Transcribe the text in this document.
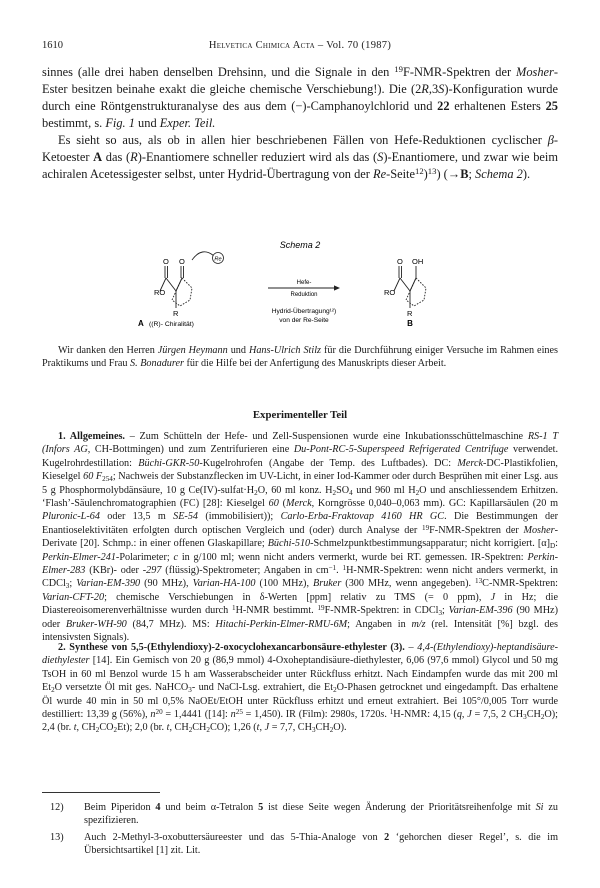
1610	Helvetica Chimica Acta – Vol. 70 (1987)

sinnes (alle drei haben denselben Drehsinn, und die Signale in den $^{19}$F-NMR-Spektren der Mosher-Ester besitzen beinahe exakt die gleiche chemische Verschiebung!). Die (2R,3S)-Konfiguration wurde durch eine Röntgenstrukturanalyse des aus dem (−)-Camphanoylchlorid und 22 erhaltenen Esters 25 bestimmt, s. Fig. 1 und Exper. Teil.

Es sieht so aus, als ob in allen hier beschriebenen Fällen von Hefe-Reduktionen cyclischer β-Ketoester A das (R)-Enantiomere schneller reduziert wird als das (S)-Enantiomere, und zwar wie beim achiralen Acetessigester selbst, unter Hydrid-Übertragung von der Re-Seite$^{12}$)$^{13}$) (→B; Schema 2).

Schema 2
RO
O O
R
Re
Hefe-
Reduktion
Hydrid-Übertragung¹²)
von der Re-Seite
RO
O OH
R
A ((R)- Chiralität)	B
Wir danken den Herren Jürgen Heymann und Hans-Ulrich Stilz für die Durchführung einiger Versuche im Rahmen eines Praktikums und Frau S. Bonadurer für die Hilfe bei der Anfertigung des Manuskripts dieser Arbeit.
Experimenteller Teil
1. Allgemeines. – Zum Schütteln der Hefe- und Zell-Suspensionen wurde eine Inkubationsschüttelmaschine RS-1 T (Infors AG, CH-Bottmingen) und zum Zentrifurieren eine Du-Pont-RC-5-Superspeed Refrigerated Centrifuge verwendet. Kugelrohrdestillation: Büchi-GKR-50-Kugelrohrofen (Angabe der Temp. des Luftbades). DC: Merck-DC-Plastikfolien, Kieselgel 60 $F_{254}$; Nachweis der Substanzflecken im UV-Licht, in einer Iod-Kammer oder durch Besprühen mit einer Lsg. aus 5 g Phosphormolybdänsäure, 10 g $Ce(IV)-sulfat\cdot H_2O$, 60 ml konz. $H_2SO_4$ und 960 ml $H_2O$ und anschliessendem Erhitzen. ‘Flash’-Säulenchromatographien (FC) [28]: Kieselgel 60 (Merck, Korngrösse 0,040–0,063 mm). GC: Kapillarsäulen (20 m Pluronic-L-64 oder 13,5 m SE-54 (immobilisiert)); Carlo-Erba-Fraktovap 4160 HR GC. Die Bestimmungen der Enantioselektivitäten erfolgten durch optischen Vergleich und (oder) durch Analyse der $^{19}$F-NMR-Spektren der Mosher-Derivate [20]. Schmp.: in einer offenen Glaskapillare; Büchi-510-Schmelzpunktbestimmungsapparatur; nicht korrigiert. $[\alpha]_D$: Perkin-Elmer-241-Polarimeter; c in g/100 ml; wenn nicht anders vermerkt, wurde bei RT. gemessen. IR-Spektren: Perkin-Elmer-283 (KBr)- oder -297 (flüssig)-Spektrometer; Angaben in $cm^{-1}$. $^1$H-NMR-Spektren: wenn nicht anders vermerkt, in CDCl$_3$; Varian-EM-390 (90 MHz), Varian-HA-100 (100 MHz), Bruker (300 MHz, wenn angegeben). $^{13}$C-NMR-Spektren: Varian-CFT-20; chemische Verschiebungen in δ-Werten [ppm] relativ zu TMS (= 0 ppm), J in Hz; die Diastereoisomerenverhältnisse wurden durch $^1$H-NMR bestimmt. $^{19}$F-NMR-Spektren: in CDCl$_3$; Varian-EM-396 (90 MHz) oder Bruker-WH-90 (84,7 MHz). MS: Hitachi-Perkin-Elmer-RMU-6M; Angaben in m/z (rel. Intensität [%] bzgl. des intensivsten Signals).
2. Synthese von 5,5-(Ethylendioxy)-2-oxocyclohexancarbonsäure-ethylester (3). – 4,4-(Ethylendioxy)-heptandisäure-diethylester [14]. Ein Gemisch von 20 g (86,9 mmol) 4-Oxoheptandisäure-diethylester, 6,06 (97,6 mmol) Glycol und 50 mg TsOH in 60 ml Benzol wurde 15 h am Wasserabscheider unter Rückfluss erhitzt. Nach Eindampfen wurde das mit 200 ml $Et_2O$ versetzte Öl mit ges. NaHCO$_3$- und NaCl-Lsg. extrahiert, die $Et_2O$-Phasen getrocknet und eingedampft. Das erhaltene Öl wurde 40 min in 50 ml 0,5% NaOEt/EtOH unter Rückfluss erhitzt und erneut extrahiert. Bei 105°/0,005 Torr wurde destilliert: 13,39 g (56%), $n^{20} = 1,4441$ ([14]: $n^{25} = 1,450$). IR (Film): 2980s, 1720s. $^1$H-NMR: 4,15 (q, J = 7,5, 2 $CH_3CH_2O$); 2,4 (br. t, $CH_2CO_2Et$); 2,0 (br. t, $CH_2CH_2CO$); 1,26 (t, J = 7,7, $CH_3CH_2O$).
12) Beim Piperidon 4 und beim α-Tetralon 5 ist diese Seite wegen Änderung der Prioritätsreihenfolge mit Si zu spezifizieren.
13) Auch 2-Methyl-3-oxobuttersäureester und das 5-Thia-Analoge von 2 ‘gehorchen dieser Regel’, s. die im Übersichtsartikel [1] zit. Lit.
